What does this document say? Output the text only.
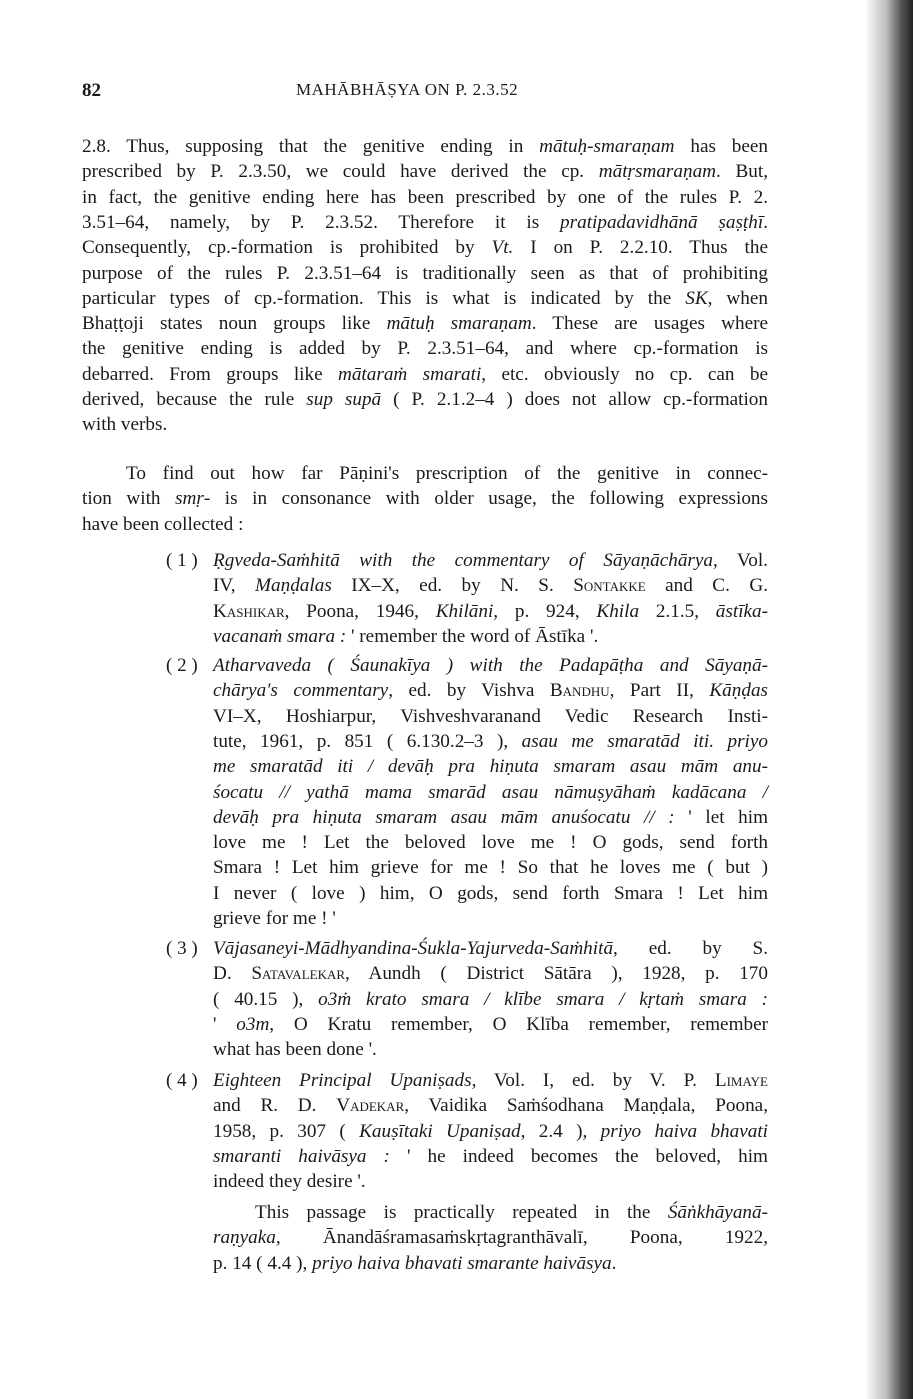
82	MAHĀBHĀṢYA ON P. 2.3.52
2.8. Thus, supposing that the genitive ending in mātuḥ-smaraṇam has been
prescribed by P. 2.3.50, we could have derived the cp. mātṛsmaraṇam. But,
in fact, the genitive ending here has been prescribed by one of the rules P. 2.
3.51–64, namely, by P. 2.3.52. Therefore it is pratipadavidhānā ṣaṣṭhī.
Consequently, cp.-formation is prohibited by Vt. I on P. 2.2.10. Thus the
purpose of the rules P. 2.3.51–64 is traditionally seen as that of prohibiting
particular types of cp.-formation. This is what is indicated by the SK, when
Bhaṭṭoji states noun groups like mātuḥ smaraṇam. These are usages where
the genitive ending is added by P. 2.3.51–64, and where cp.-formation is
debarred. From groups like mātaraṁ smarati, etc. obviously no cp. can be
derived, because the rule sup supā ( P. 2.1.2–4 ) does not allow cp.-formation
with verbs.
To find out how far Pāṇini's prescription of the genitive in connec-
tion with smṛ- is in consonance with older usage, the following expressions
have been collected :
( 1 ) Ṛgveda-Saṁhitā with the commentary of Sāyaṇāchārya, Vol.
IV, Maṇḍalas IX–X, ed. by N. S. Sontakke and C. G.
Kashikar, Poona, 1946, Khilāni, p. 924, Khila 2.1.5, āstīka-
vacanaṁ smara : ' remember the word of Āstīka '.
( 2 ) Atharvaveda ( Śaunakīya ) with the Padapāṭha and Sāyaṇā-
chārya's commentary, ed. by Vishva Bandhu, Part II, Kāṇḍas
VI–X, Hoshiarpur, Vishveshvaranand Vedic Research Insti-
tute, 1961, p. 851 ( 6.130.2–3 ), asau me smaratād iti. priyo
me smaratād iti / devāḥ pra hiṇuta smaram asau mām anu-
śocatu // yathā mama smarād asau nāmuṣyāhaṁ kadācana /
devāḥ pra hiṇuta smaram asau mām anuśocatu // : ' let him
love me ! Let the beloved love me ! O gods, send forth
Smara ! Let him grieve for me ! So that he loves me ( but )
I never ( love ) him, O gods, send forth Smara ! Let him
grieve for me ! '
( 3 ) Vājasaneyi-Mādhyandina-Śukla-Yajurveda-Saṁhitā, ed. by S.
D. Satavalekar, Aundh ( District Sātāra ), 1928, p. 170
( 40.15 ), o3ṁ krato smara / klībe smara / kṛtaṁ smara :
' o3m, O Kratu remember, O Klība remember, remember
what has been done '.
( 4 ) Eighteen Principal Upaniṣads, Vol. I, ed. by V. P. Limaye
and R. D. Vadekar, Vaidika Saṁśodhana Maṇḍala, Poona,
1958, p. 307 ( Kauṣītaki Upaniṣad, 2.4 ), priyo haiva bhavati
smaranti haivāsya : ' he indeed becomes the beloved, him
indeed they desire '.
This passage is practically repeated in the Śāṅkhāyanā-
raṇyaka, Ānandāśramasaṁskṛtagranthāvalī, Poona, 1922,
p. 14 ( 4.4 ), priyo haiva bhavati smarante haivāsya.
